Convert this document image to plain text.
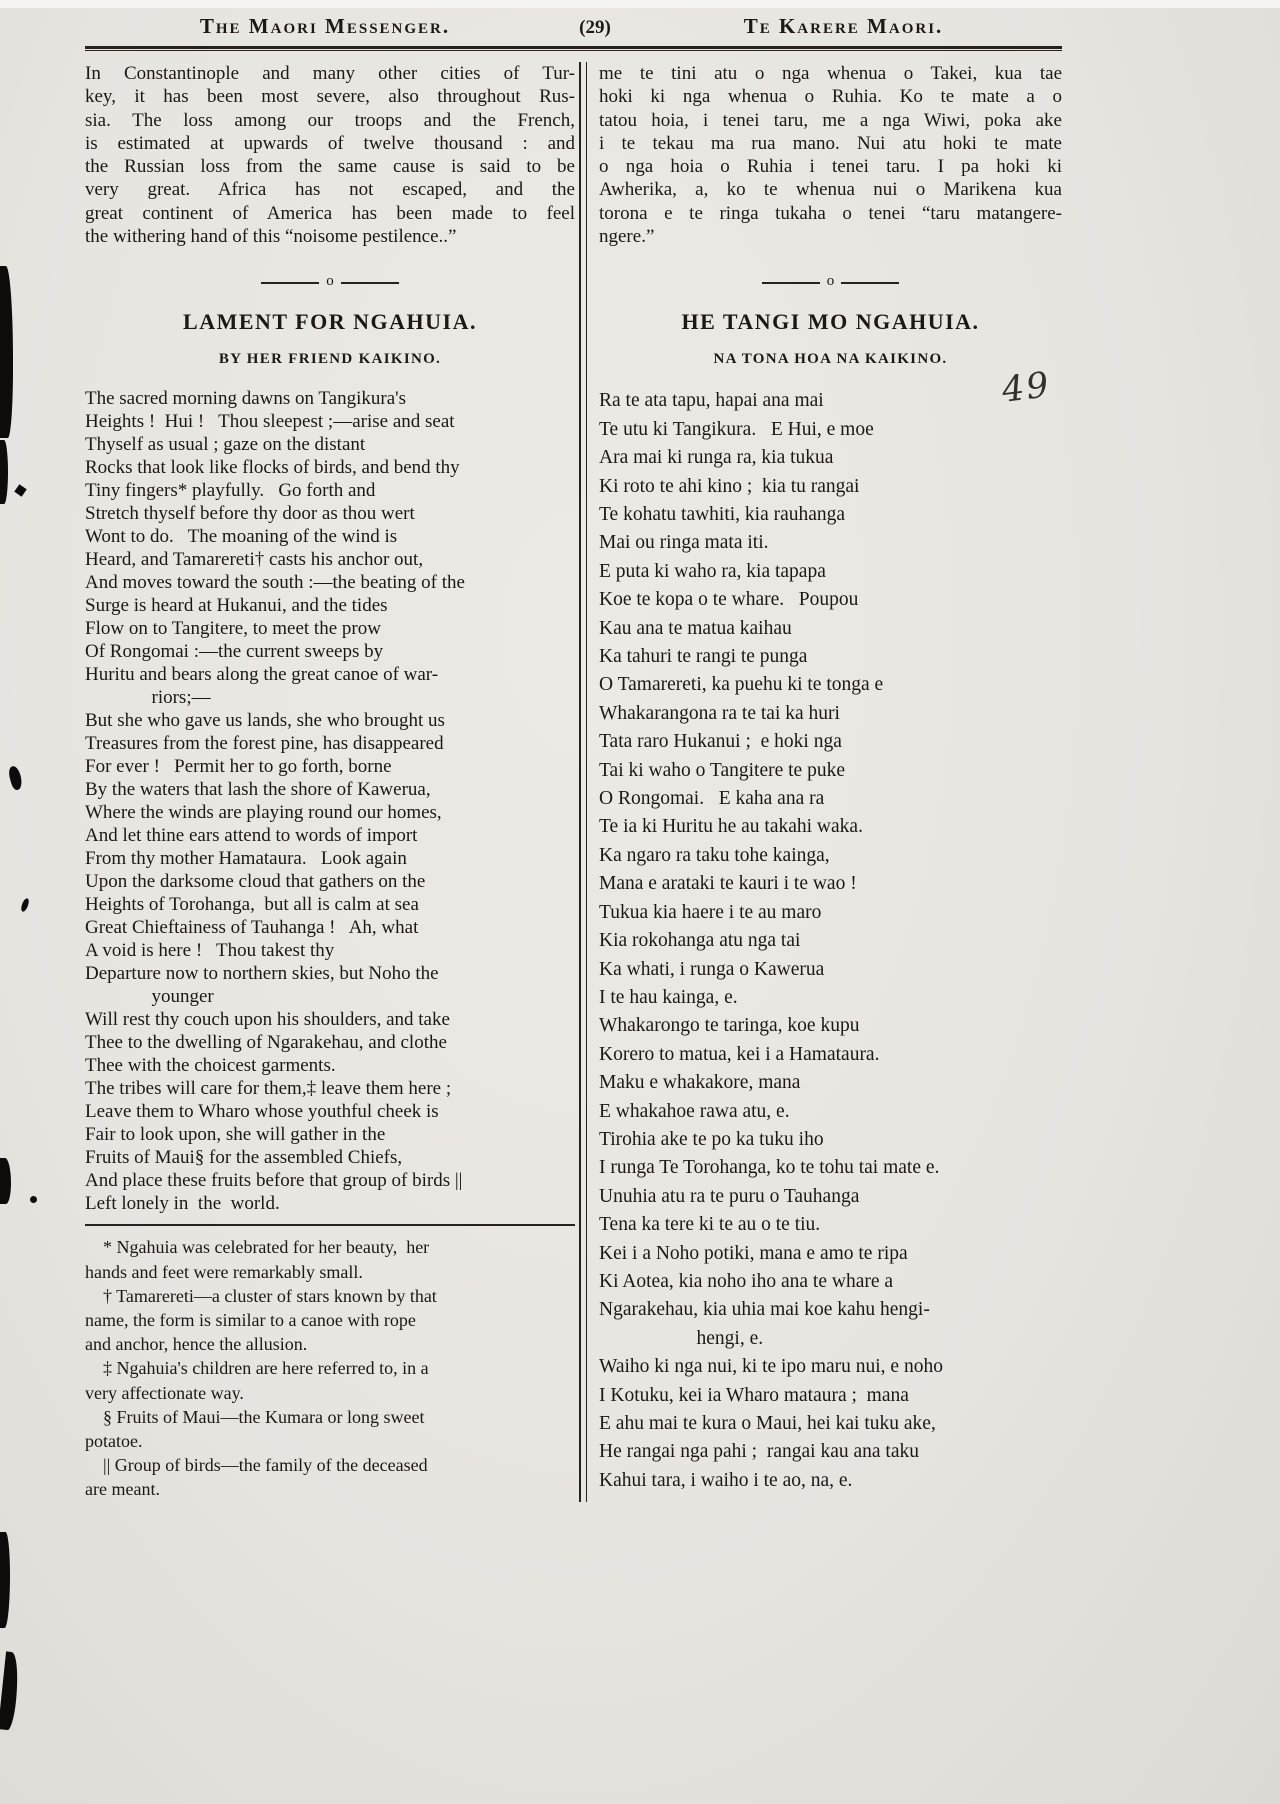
49
The Maori Messenger.	(29)	Te Karere Maori.
In Constantinople and many other cities of Tur-
key, it has been most severe, also throughout Rus-
sia. The loss among our troops and the French,
is estimated at upwards of twelve thousand : and
the Russian loss from the same cause is said to be
very great. Africa has not escaped, and the
great continent of America has been made to feel
the withering hand of this “noisome pestilence..”
o
LAMENT FOR NGAHUIA.
BY HER FRIEND KAIKINO.
The sacred morning dawns on Tangikura's
Heights !  Hui !   Thou sleepest ;—arise and seat
Thyself as usual ; gaze on the distant
Rocks that look like flocks of birds, and bend thy
Tiny fingers* playfully.   Go forth and
Stretch thyself before thy door as thou wert
Wont to do.   The moaning of the wind is
Heard, and Tamarereti† casts his anchor out,
And moves toward the south :—the beating of the
Surge is heard at Hukanui, and the tides
Flow on to Tangitere, to meet the prow
Of Rongomai :—the current sweeps by
Huritu and bears along the great canoe of war-
riors;—
But she who gave us lands, she who brought us
Treasures from the forest pine, has disappeared
For ever !   Permit her to go forth, borne
By the waters that lash the shore of Kawerua,
Where the winds are playing round our homes,
And let thine ears attend to words of import
From thy mother Hamataura.   Look again
Upon the darksome cloud that gathers on the
Heights of Torohanga,  but all is calm at sea
Great Chieftainess of Tauhanga !   Ah, what
A void is here !   Thou takest thy
Departure now to northern skies, but Noho the
younger
Will rest thy couch upon his shoulders, and take
Thee to the dwelling of Ngarakehau, and clothe
Thee with the choicest garments.
The tribes will care for them,‡ leave them here ;
Leave them to Wharo whose youthful cheek is
Fair to look upon, she will gather in the
Fruits of Maui§ for the assembled Chiefs,
And place these fruits before that group of birds ||
Left lonely in  the  world.
* Ngahuia was celebrated for her beauty,  her
hands and feet were remarkably small.
† Tamarereti—a cluster of stars known by that
name, the form is similar to a canoe with rope
and anchor, hence the allusion.
‡ Ngahuia's children are here referred to, in a
very affectionate way.
§ Fruits of Maui—the Kumara or long sweet
potatoe.
|| Group of birds—the family of the deceased
are meant.
me te tini atu o nga whenua o Takei, kua tae
hoki ki nga whenua o Ruhia. Ko te mate a o
tatou hoia, i tenei taru, me a nga Wiwi, poka ake
i te tekau ma rua mano. Nui atu hoki te mate
o nga hoia o Ruhia i tenei taru. I pa hoki ki
Awherika, a, ko te whenua nui o Marikena kua
torona e te ringa tukaha o tenei “taru matangere-
ngere.”
o
HE TANGI MO NGAHUIA.
NA TONA HOA NA KAIKINO.
Ra te ata tapu, hapai ana mai
Te utu ki Tangikura.   E Hui, e moe
Ara mai ki runga ra, kia tukua
Ki roto te ahi kino ;  kia tu rangai
Te kohatu tawhiti, kia rauhanga
Mai ou ringa mata iti.
E puta ki waho ra, kia tapapa
Koe te kopa o te whare.   Poupou
Kau ana te matua kaihau
Ka tahuri te rangi te punga
O Tamarereti, ka puehu ki te tonga e
Whakarangona ra te tai ka huri
Tata raro Hukanui ;  e hoki nga
Tai ki waho o Tangitere te puke
O Rongomai.   E kaha ana ra
Te ia ki Huritu he au takahi waka.
Ka ngaro ra taku tohe kainga,
Mana e arataki te kauri i te wao !
Tukua kia haere i te au maro
Kia rokohanga atu nga tai
Ka whati, i runga o Kawerua
I te hau kainga, e.
Whakarongo te taringa, koe kupu
Korero to matua, kei i a Hamataura.
Maku e whakakore, mana
E whakahoe rawa atu, e.
Tirohia ake te po ka tuku iho
I runga Te Torohanga, ko te tohu tai mate e.
Unuhia atu ra te puru o Tauhanga
Tena ka tere ki te au o te tiu.
Kei i a Noho potiki, mana e amo te ripa
Ki Aotea, kia noho iho ana te whare a
Ngarakehau, kia uhia mai koe kahu hengi-
hengi, e.
Waiho ki nga nui, ki te ipo maru nui, e noho
I Kotuku, kei ia Wharo mataura ;  mana
E ahu mai te kura o Maui, hei kai tuku ake,
He rangai nga pahi ;  rangai kau ana taku
Kahui tara, i waiho i te ao, na, e.
